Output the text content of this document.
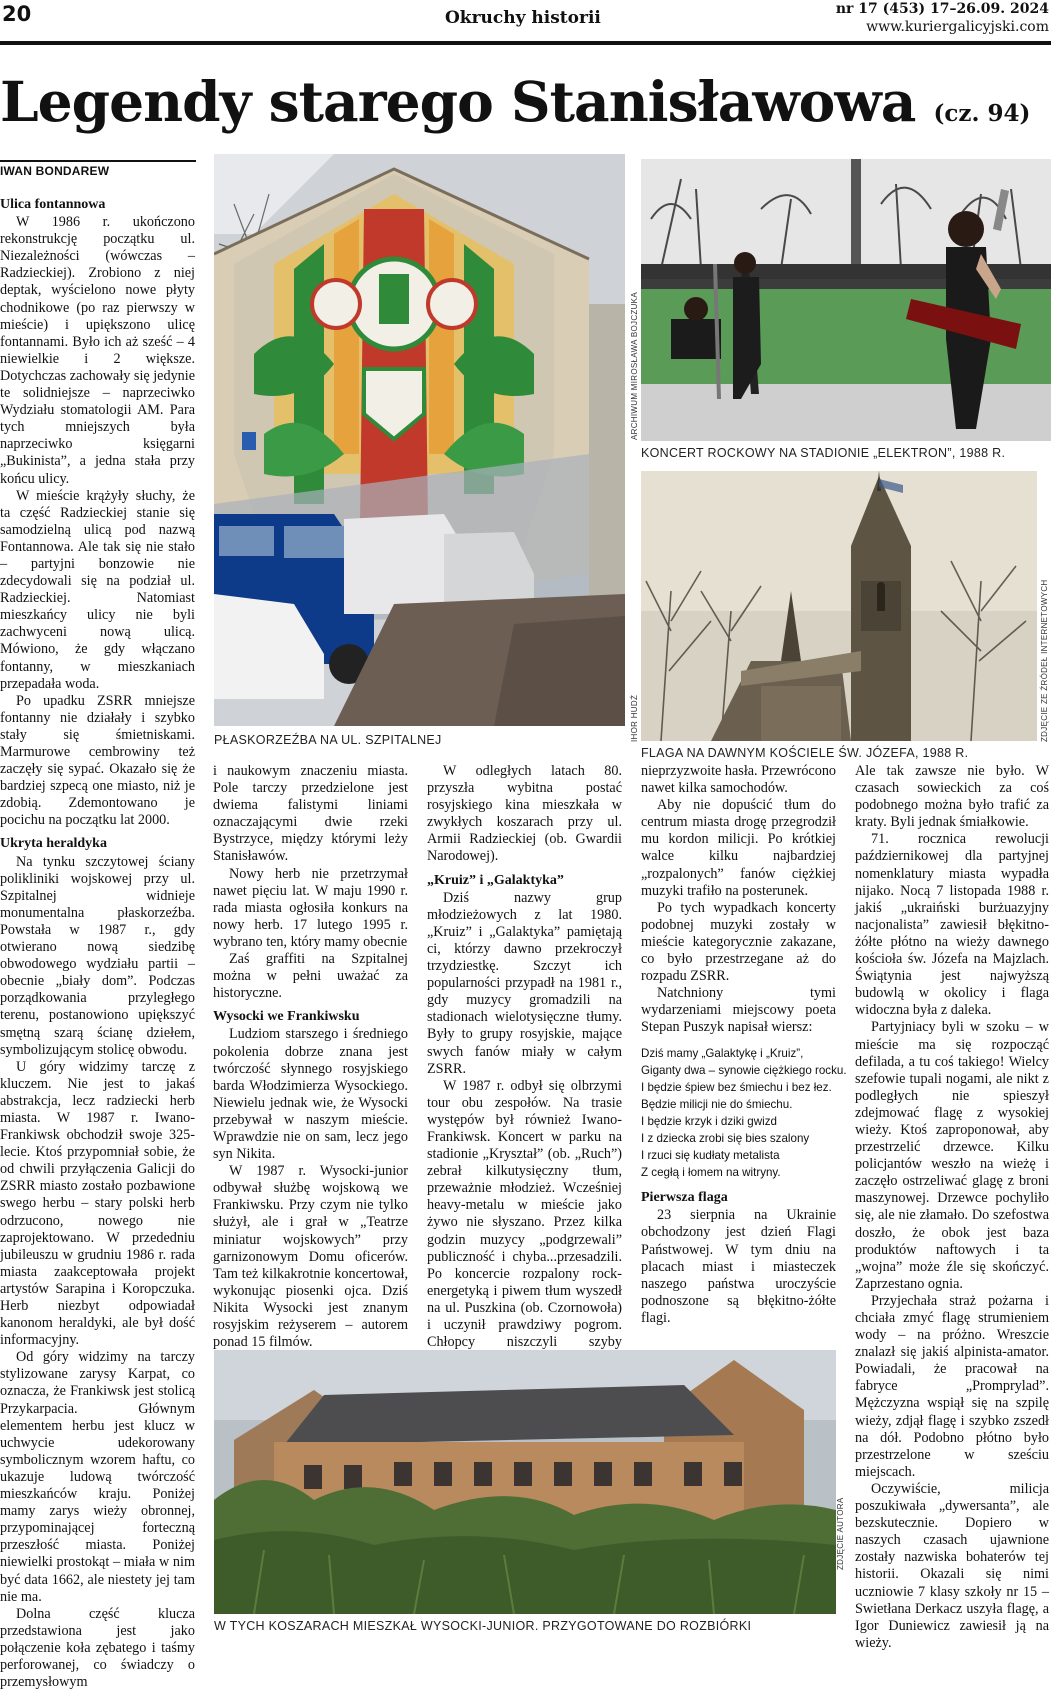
20	Okruchy historii	nr 17 (453) 17–26.09. 2024
www.kuriergalicyjski.com
Legendy starego Stanisławowa (cz. 94)
IWAN BONDAREW
Ulica fontannowa

W 1986 r. ukończono rekonstrukcję początku ul. Niezależności (wówczas – Radzieckiej). Zrobiono z niej deptak, wyścielono nowe płyty chodnikowe (po raz pierwszy w mieście) i upiększono ulicę fontannami. Było ich aż sześć – 4 niewielkie i 2 większe. Dotychczas zachowały się jedynie te solidniejsze – naprzeciwko Wydziału stomatologii AM. Para tych mniejszych była naprzeciwko księgarni „Bukinista”, a jedna stała przy końcu ulicy.

W mieście krążyły słuchy, że ta część Radzieckiej stanie się samodzielną ulicą pod nazwą Fontannowa. Ale tak się nie stało – partyjni bonzowie nie zdecydowali się na podział ul. Radzieckiej. Natomiast mieszkańcy ulicy nie byli zachwyceni nową ulicą. Mówiono, że gdy włączano fontanny, w mieszkaniach przepadała woda.

Po upadku ZSRR mniejsze fontanny nie działały i szybko stały się śmietniskami. Marmurowe cembrowiny też zaczęły się sypać. Okazało się że bardziej szpecą one miasto, niż je zdobią. Zdemontowano je pocichu na początku lat 2000.

Ukryta heraldyka

Na tynku szczytowej ściany polikliniki wojskowej przy ul. Szpitalnej widnieje monumentalna płaskorzeźba. Powstała w 1987 r., gdy otwierano nową siedzibę obwodowego wydziału partii – obecnie „biały dom”. Podczas porządkowania przyległego terenu, postanowiono upiększyć smętną szarą ścianę dziełem, symbolizującym stolicę obwodu.

U góry widzimy tarczę z kluczem. Nie jest to jakaś abstrakcja, lecz radziecki herb miasta. W 1987 r. Iwano-Frankiwsk obchodził swoje 325-lecie. Ktoś przypomniał sobie, że od chwili przyłączenia Galicji do ZSRR miasto zostało pozbawione swego herbu – stary polski herb odrzucono, nowego nie zaprojektowano. W przededniu jubileuszu w grudniu 1986 r. rada miasta zaakceptowała projekt artystów Sarapina i Koropczuka. Herb niezbyt odpowiadał kanonom heraldyki, ale był dość informacyjny.

Od góry widzimy na tarczy stylizowane zarysy Karpat, co oznacza, że Frankiwsk jest stolicą Przykarpacia. Głównym elementem herbu jest klucz w uchwycie udekorowany symbolicznym wzorem haftu, co ukazuje ludową twórczość mieszkańców kraju. Poniżej mamy zarys wieży obronnej, przypominającej forteczną przeszłość miasta. Poniżej niewielki prostokąt – miała w nim być data 1662, ale niestety jej tam nie ma.

Dolna część klucza przedstawiona jest jako połączenie koła zębatego i taśmy perforowanej, co świadczy o przemysłowym

i naukowym znaczeniu miasta. Pole tarczy przedzielone jest dwiema falistymi liniami oznaczającymi dwie rzeki Bystrzyce, między którymi leży Stanisławów.

Nowy herb nie przetrzymał nawet pięciu lat. W maju 1990 r. rada miasta ogłosiła konkurs na nowy herb. 17 lutego 1995 r. wybrano ten, który mamy obecnie

Zaś graffiti na Szpitalnej można w pełni uważać za historyczne.

Wysocki we Frankiwsku

Ludziom starszego i średniego pokolenia dobrze znana jest twórczość słynnego rosyjskiego barda Włodzimierza Wysockiego. Niewielu jednak wie, że Wysocki przebywał w naszym mieście. Wprawdzie nie on sam, lecz jego syn Nikita.

W 1987 r. Wysocki-junior odbywał służbę wojskową we Frankiwsku. Przy czym nie tylko służył, ale i grał w „Teatrze miniatur wojskowych” przy garnizonowym Domu oficerów. Tam też kilkakrotnie koncertował, wykonując piosenki ojca. Dziś Nikita Wysocki jest znanym rosyjskim reżyserem – autorem ponad 15 filmów.

W odległych latach 80. przyszła wybitna postać rosyjskiego kina mieszkała w zwykłych koszarach przy ul. Armii Radzieckiej (ob. Gwardii Narodowej).

„Kruiz” i „Galaktyka”

Dziś nazwy grup młodzieżowych z lat 1980. „Kruiz” i „Galaktyka” pamiętają ci, którzy dawno przekroczył trzydziestkę. Szczyt ich popularności przypadł na 1981 r., gdy muzycy gromadzili na stadionach wielotysięczne tłumy. Były to grupy rosyjskie, mające swych fanów miały w całym ZSRR.

W 1987 r. odbył się olbrzymi tour obu zespołów. Na trasie występów był również Iwano-Frankiwsk. Koncert w parku na stadionie „Kryształ” (ob. „Ruch”) zebrał kilkutysięczny tłum, przeważnie młodzież. Wcześniej heavy-metalu w mieście jako żywo nie słyszano. Przez kilka godzin muzycy „podgrzewali” publiczność i chyba...przesadzili. Po koncercie rozpalony rock-energetyką i piwem tłum wyszedł na ul. Puszkina (ob. Czornowoła) i uczynił prawdziwy pogrom. Chłopcy niszczyli szyby

nieprzyzwoite hasła. Przewrócono nawet kilka samochodów.

Aby nie dopuścić tłum do centrum miasta drogę przegrodził mu kordon milicji. Po krótkiej walce kilku najbardziej „rozpalonych” fanów ciężkiej muzyki trafiło na posterunek.

Po tych wypadkach koncerty podobnej muzyki zostały w mieście kategorycznie zakazane, co było przestrzegane aż do rozpadu ZSRR.

Natchniony tymi wydarzeniami miejscowy poeta Stepan Puszyk napisał wiersz:

Dziś mamy „Galaktykę i „Kruiz”,
Giganty dwa – synowie ciężkiego rocku.
I będzie śpiew bez śmiechu i bez łez.
Będzie milicji nie do śmiechu.
I będzie krzyk i dziki gwizd
I z dziecka zrobi się bies szalony
I rzuci się kudłaty metalista
Z cegłą i łomem na witryny.
Pierwsza flaga

23 sierpnia na Ukrainie obchodzony jest dzień Flagi Państwowej. W tym dniu na placach miast i miasteczek naszego państwa uroczyście podnoszone są błękitno-żółte flagi.

Ale tak zawsze nie było. W czasach sowieckich za coś podobnego można było trafić za kraty. Byli jednak śmiałkowie.

71. rocznica rewolucji październikowej dla partyjnej nomenklatury miasta wypadła nijako. Nocą 7 listopada 1988 r. jakiś „ukraiński burżuazyjny nacjonalista” zawiesił błękitno-żółte płótno na wieży dawnego kościoła św. Józefa na Majzlach. Świątynia jest najwyższą budowlą w okolicy i flaga widoczna była z daleka.

Partyjniacy byli w szoku – w mieście ma się rozpocząć defilada, a tu coś takiego! Wielcy szefowie tupali nogami, ale nikt z podległych nie spieszył zdejmować flagę z wysokiej wieży. Ktoś zaproponował, aby przestrzelić drzewce. Kilku policjantów weszło na wieżę i zaczęło ostrzeliwać glagę z broni maszynowej. Drzewce pochyliło się, ale nie złamało. Do szefostwa doszło, że obok jest baza produktów naftowych i ta „wojna” może źle się skończyć. Zaprzestano ognia.

Przyjechała straż pożarna i chciała zmyć flagę strumieniem wody – na próżno. Wreszcie znalazł się jakiś alpinista-amator. Powiadali, że pracował na fabryce „Promprylad”. Mężczyzna wspiął się na szpilę wieży, zdjął flagę i szybko zszedł na dół. Podobno płótno było przestrzelone w sześciu miejscach.

Oczywiście, milicja poszukiwała „dywersanta”, ale bezskutecznie. Dopiero w naszych czasach ujawnione zostały nazwiska bohaterów tej historii. Okazali się nimi uczniowie 7 klasy szkoły nr 15 – Swietłana Derkacz uszyła flagę, a Igor Duniewicz zawiesił ją na wieży.

PŁASKORZEŹBA NA UL. SZPITALNEJ
ARCHIWUM MIROSŁAWA BOJCZUKA
KONCERT ROCKOWY NA STADIONIE „ELEKTRON”, 1988 R.
IHOR HUDŹ	ZDJĘCIE ZE ŹRÓDEŁ INTERNETOWYCH
FLAGA NA DAWNYM KOŚCIELE ŚW. JÓZEFA, 1988 R.
ZDJĘCIE AUTORA
W TYCH KOSZARACH MIESZKAŁ WYSOCKI-JUNIOR. PRZYGOTOWANE DO ROZBIÓRKI
